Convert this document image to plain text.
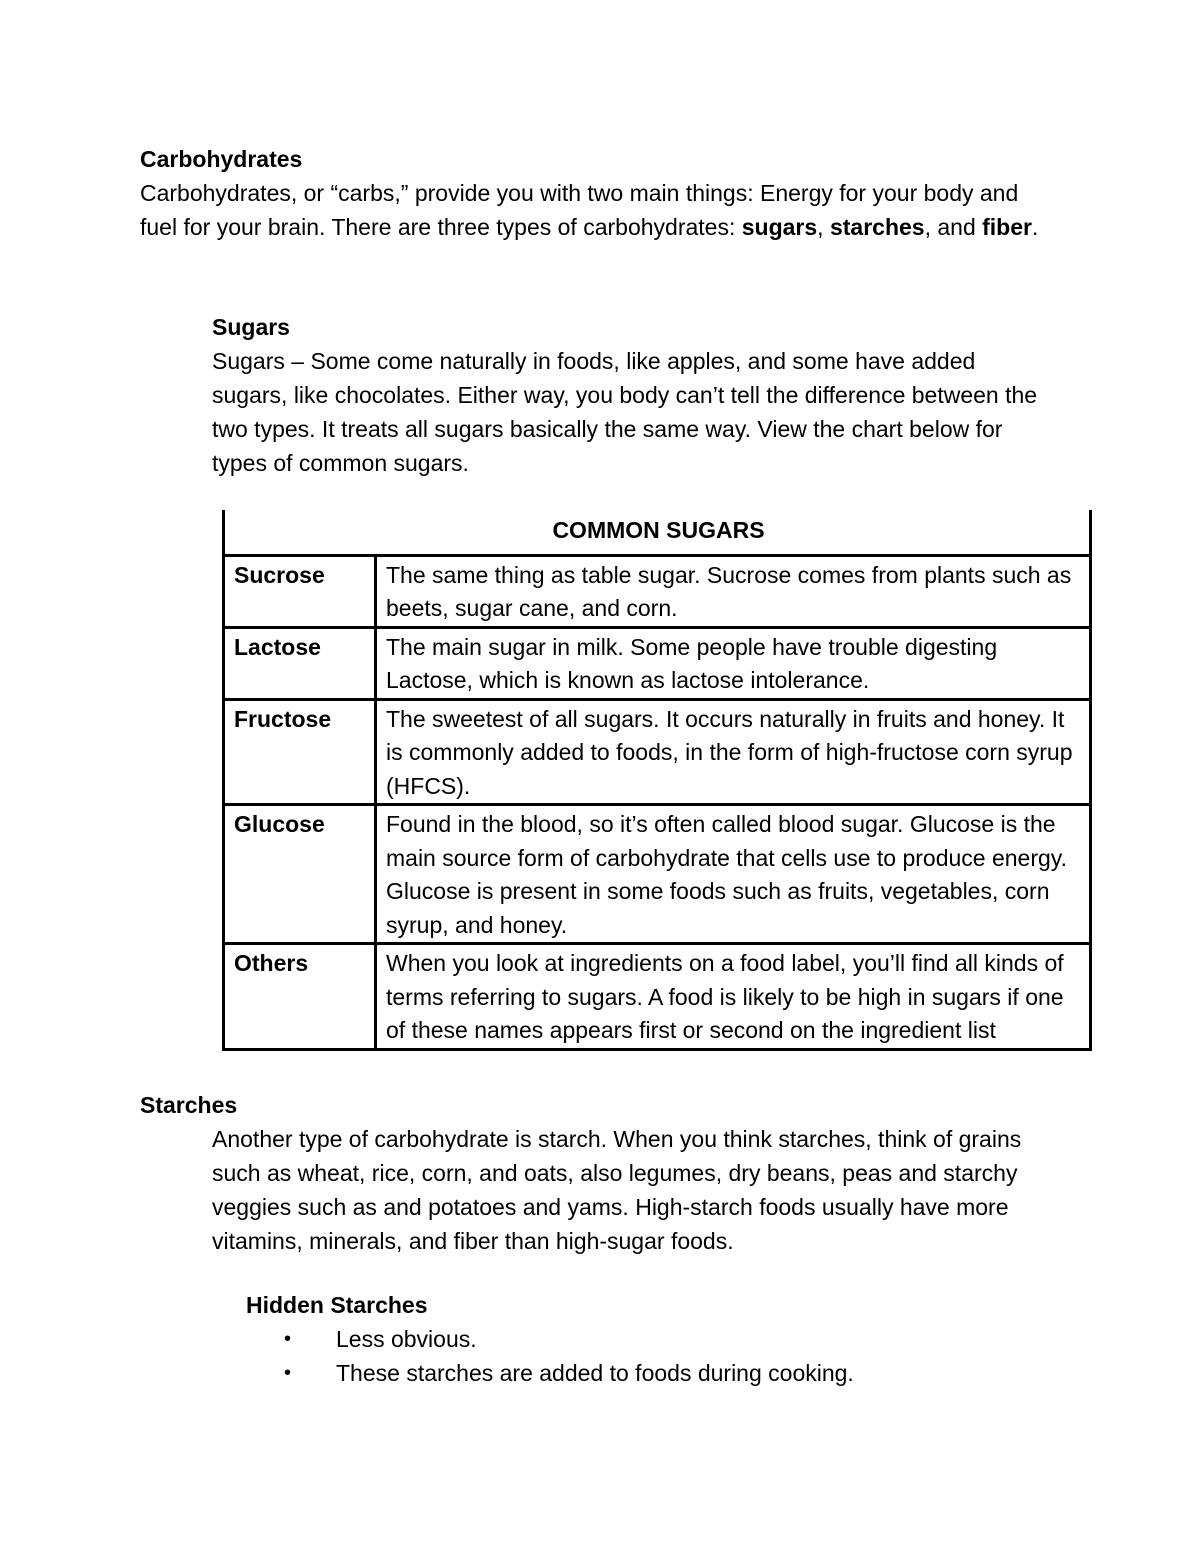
Carbohydrates

Carbohydrates, or “carbs,” provide you with two main things: Energy for your body and fuel for your brain. There are three types of carbohydrates: sugars, starches, and fiber.

Sugars

Sugars – Some come naturally in foods, like apples, and some have added sugars, like chocolates. Either way, you body can’t tell the difference between the two types. It treats all sugars basically the same way. View the chart below for types of common sugars.

COMMON SUGARS	
Sucrose	The same thing as table sugar. Sucrose comes from plants such as beets, sugar cane, and corn.
Lactose	The main sugar in milk. Some people have trouble digesting Lactose, which is known as lactose intolerance.
Fructose	The sweetest of all sugars. It occurs naturally in fruits and honey. It is commonly added to foods, in the form of high-fructose corn syrup (HFCS).
Glucose	Found in the blood, so it’s often called blood sugar. Glucose is the main source form of carbohydrate that cells use to produce energy. Glucose is present in some foods such as fruits, vegetables, corn syrup, and honey.
Others	When you look at ingredients on a food label, you’ll find all kinds of terms referring to sugars. A food is likely to be high in sugars if one of these names appears first or second on the ingredient list

Starches

Another type of carbohydrate is starch. When you think starches, think of grains such as wheat, rice, corn, and oats, also legumes, dry beans, peas and starchy veggies such as and potatoes and yams. High-starch foods usually have more vitamins, minerals, and fiber than high-sugar foods.

Hidden Starches

• Less obvious.
• These starches are added to foods during cooking.
